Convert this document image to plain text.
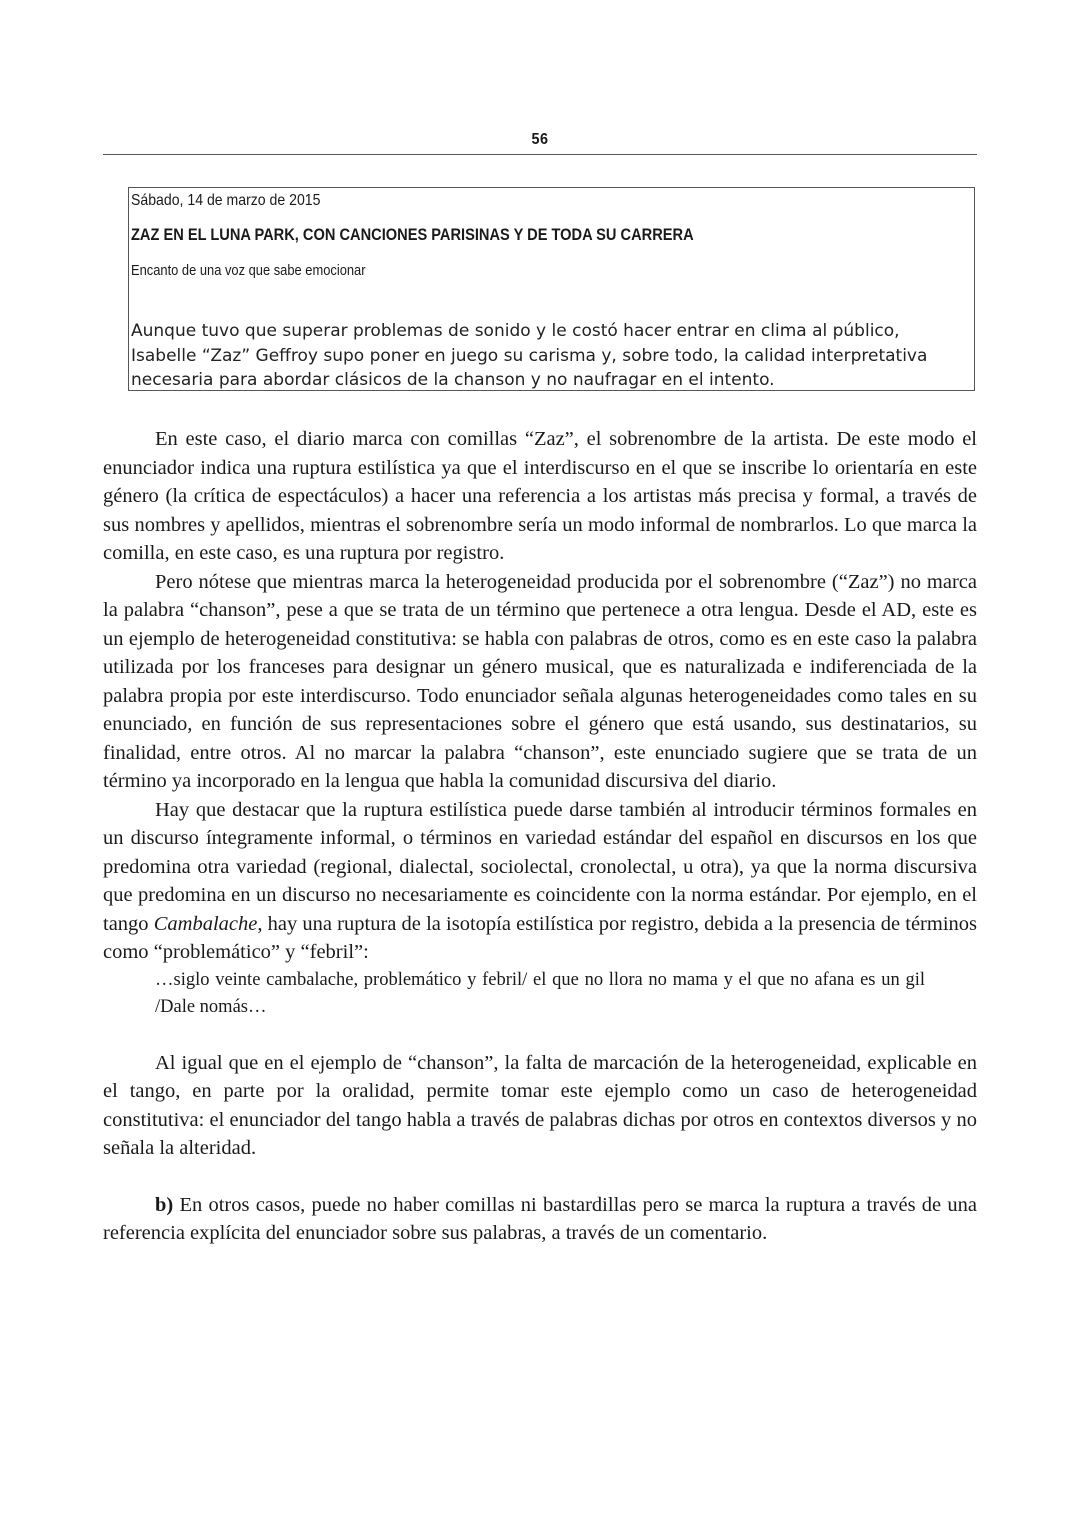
56
Sábado, 14 de marzo de 2015
ZAZ EN EL LUNA PARK, CON CANCIONES PARISINAS Y DE TODA SU CARRERA
Encanto de una voz que sabe emocionar
Aunque tuvo que superar problemas de sonido y le costó hacer entrar en clima al público,
Isabelle “Zaz” Geffroy supo poner en juego su carisma y, sobre todo, la calidad interpretativa
necesaria para abordar clásicos de la chanson y no naufragar en el intento.

En este caso, el diario marca con comillas “Zaz”, el sobrenombre de la artista. De este modo el enunciador indica una ruptura estilística ya que el interdiscurso en el que se inscribe lo orientaría en este género (la crítica de espectáculos) a hacer una referencia a los artistas más precisa y formal, a través de sus nombres y apellidos, mientras el sobrenombre sería un modo informal de nombrarlos. Lo que marca la comilla, en este caso, es una ruptura por registro.

Pero nótese que mientras marca la heterogeneidad producida por el sobrenombre (“Zaz”) no marca la palabra “chanson”, pese a que se trata de un término que pertenece a otra lengua. Desde el AD, este es un ejemplo de heterogeneidad constitutiva: se habla con palabras de otros, como es en este caso la palabra utilizada por los franceses para designar un género musical, que es naturalizada e indiferenciada de la palabra propia por este interdiscurso. Todo enunciador señala algunas heterogeneidades como tales en su enunciado, en función de sus representaciones sobre el género que está usando, sus destinatarios, su finalidad, entre otros. Al no marcar la palabra “chanson”, este enunciado sugiere que se trata de un término ya incorporado en la lengua que habla la comunidad discursiva del diario.

Hay que destacar que la ruptura estilística puede darse también al introducir términos formales en un discurso íntegramente informal, o términos en variedad estándar del español en discursos en los que predomina otra variedad (regional, dialectal, sociolectal, cronolectal, u otra), ya que la norma discursiva que predomina en un discurso no necesariamente es coincidente con la norma estándar. Por ejemplo, en el tango Cambalache, hay una ruptura de la isotopía estilística por registro, debida a la presencia de términos como “problemático” y “febril”:

…siglo veinte cambalache, problemático y febril/ el que no llora no mama y el que no afana es un gil /Dale nomás…

Al igual que en el ejemplo de “chanson”, la falta de marcación de la heterogeneidad, explicable en el tango, en parte por la oralidad, permite tomar este ejemplo como un caso de heterogeneidad constitutiva: el enunciador del tango habla a través de palabras dichas por otros en contextos diversos y no señala la alteridad.

b) En otros casos, puede no haber comillas ni bastardillas pero se marca la ruptura a través de una referencia explícita del enunciador sobre sus palabras, a través de un comentario.
